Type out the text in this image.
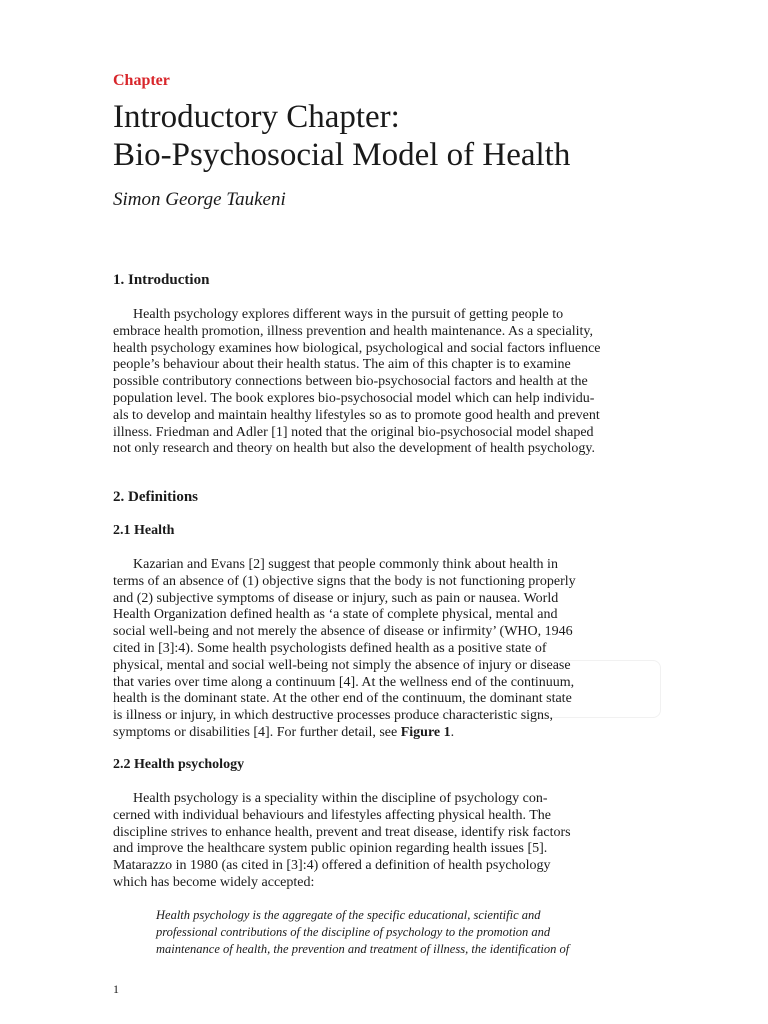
Chapter

Introductory Chapter:
Bio-Psychosocial Model of Health

Simon George Taukeni

1. Introduction
Health psychology explores different ways in the pursuit of getting people to
embrace health promotion, illness prevention and health maintenance. As a speciality,
health psychology examines how biological, psychological and social factors influence
people’s behaviour about their health status. The aim of this chapter is to examine
possible contributory connections between bio-psychosocial factors and health at the
population level. The book explores bio-psychosocial model which can help individu-
als to develop and maintain healthy lifestyles so as to promote good health and prevent
illness. Friedman and Adler [1] noted that the original bio-psychosocial model shaped
not only research and theory on health but also the development of health psychology.
2. Definitions
2.1 Health
Kazarian and Evans [2] suggest that people commonly think about health in
terms of an absence of (1) objective signs that the body is not functioning properly
and (2) subjective symptoms of disease or injury, such as pain or nausea. World
Health Organization defined health as ‘a state of complete physical, mental and
social well-being and not merely the absence of disease or infirmity’ (WHO, 1946
cited in [3]:4). Some health psychologists defined health as a positive state of
physical, mental and social well-being not simply the absence of injury or disease
that varies over time along a continuum [4]. At the wellness end of the continuum,
health is the dominant state. At the other end of the continuum, the dominant state
is illness or injury, in which destructive processes produce characteristic signs,
symptoms or disabilities [4]. For further detail, see Figure 1.
2.2 Health psychology
Health psychology is a speciality within the discipline of psychology con-
cerned with individual behaviours and lifestyles affecting physical health. The
discipline strives to enhance health, prevent and treat disease, identify risk factors
and improve the healthcare system public opinion regarding health issues [5].
Matarazzo in 1980 (as cited in [3]:4) offered a definition of health psychology
which has become widely accepted:
Health psychology is the aggregate of the specific educational, scientific and
professional contributions of the discipline of psychology to the promotion and
maintenance of health, the prevention and treatment of illness, the identification of

1
